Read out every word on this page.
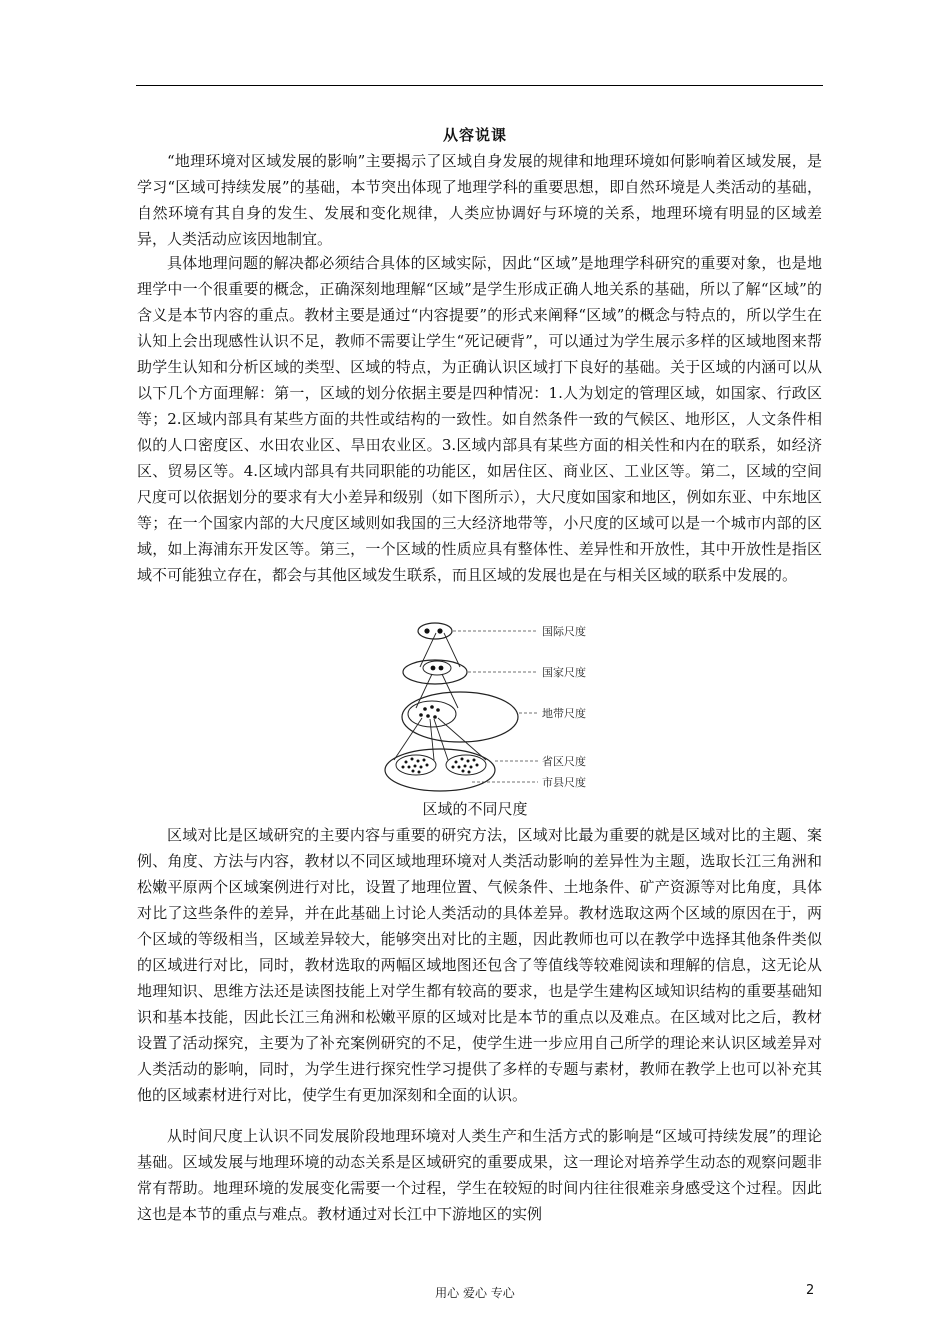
从容说课

“地理环境对区域发展的影响”主要揭示了区域自身发展的规律和地理环境如何影响着区域发展，是学习“区域可持续发展”的基础，本节突出体现了地理学科的重要思想，即自然环境是人类活动的基础，自然环境有其自身的发生、发展和变化规律，人类应协调好与环境的关系，地理环境有明显的区域差异，人类活动应该因地制宜。

具体地理问题的解决都必须结合具体的区域实际，因此“区域”是地理学科研究的重要对象，也是地理学中一个很重要的概念，正确深刻地理解“区域”是学生形成正确人地关系的基础，所以了解“区域”的含义是本节内容的重点。教材主要是通过“内容提要”的形式来阐释“区域”的概念与特点的，所以学生在认知上会出现感性认识不足，教师不需要让学生“死记硬背”，可以通过为学生展示多样的区域地图来帮助学生认知和分析区域的类型、区域的特点，为正确认识区域打下良好的基础。关于区域的内涵可以从以下几个方面理解：第一，区域的划分依据主要是四种情况：1.人为划定的管理区域，如国家、行政区等；2.区域内部具有某些方面的共性或结构的一致性。如自然条件一致的气候区、地形区，人文条件相似的人口密度区、水田农业区、旱田农业区。3.区域内部具有某些方面的相关性和内在的联系，如经济区、贸易区等。4.区域内部具有共同职能的功能区，如居住区、商业区、工业区等。第二，区域的空间尺度可以依据划分的要求有大小差异和级别（如下图所示），大尺度如国家和地区，例如东亚、中东地区等；在一个国家内部的大尺度区域则如我国的三大经济地带等，小尺度的区域可以是一个城市内部的区域，如上海浦东开发区等。第三，一个区域的性质应具有整体性、差异性和开放性，其中开放性是指区域不可能独立存在，都会与其他区域发生联系，而且区域的发展也是在与相关区域的联系中发展的。

国际尺度
国家尺度
地带尺度
省区尺度
市县尺度
区域的不同尺度

区域对比是区域研究的主要内容与重要的研究方法，区域对比最为重要的就是区域对比的主题、案例、角度、方法与内容，教材以不同区域地理环境对人类活动影响的差异性为主题，选取长江三角洲和松嫩平原两个区域案例进行对比，设置了地理位置、气候条件、土地条件、矿产资源等对比角度，具体对比了这些条件的差异，并在此基础上讨论人类活动的具体差异。教材选取这两个区域的原因在于，两个区域的等级相当，区域差异较大，能够突出对比的主题，因此教师也可以在教学中选择其他条件类似的区域进行对比，同时，教材选取的两幅区域地图还包含了等值线等较难阅读和理解的信息，这无论从地理知识、思维方法还是读图技能上对学生都有较高的要求，也是学生建构区域知识结构的重要基础知识和基本技能，因此长江三角洲和松嫩平原的区域对比是本节的重点以及难点。在区域对比之后，教材设置了活动探究，主要为了补充案例研究的不足，使学生进一步应用自己所学的理论来认识区域差异对人类活动的影响，同时，为学生进行探究性学习提供了多样的专题与素材，教师在教学上也可以补充其他的区域素材进行对比，使学生有更加深刻和全面的认识。

从时间尺度上认识不同发展阶段地理环境对人类生产和生活方式的影响是“区域可持续发展”的理论基础。区域发展与地理环境的动态关系是区域研究的重要成果，这一理论对培养学生动态的观察问题非常有帮助。地理环境的发展变化需要一个过程，学生在较短的时间内往往很难亲身感受这个过程。因此这也是本节的重点与难点。教材通过对长江中下游地区的实例

用心 爱心 专心	2
